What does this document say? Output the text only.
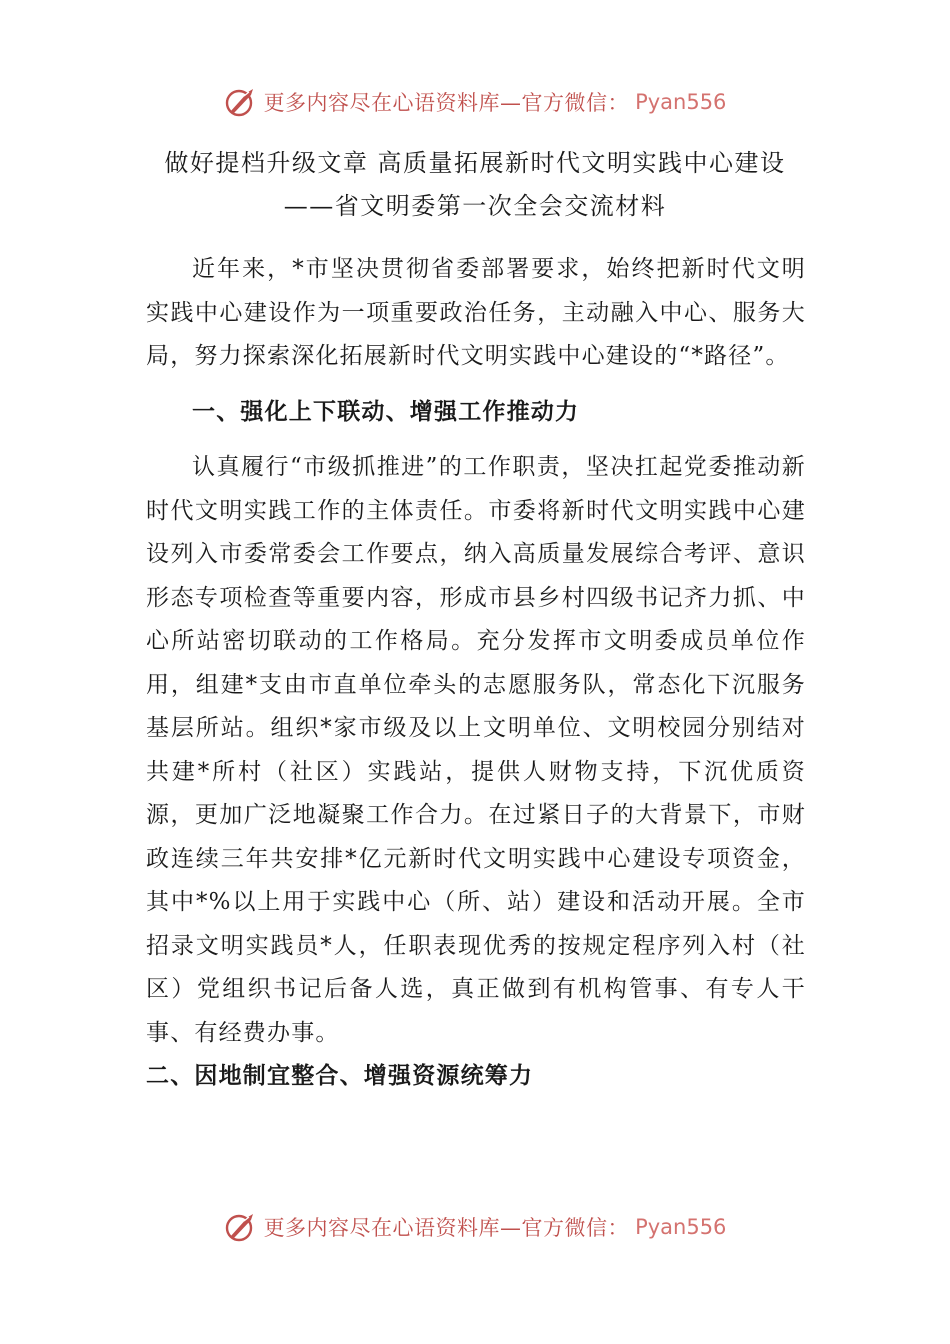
更多内容尽在心语资料库—官方微信： Pyan556
做好提档升级文章 高质量拓展新时代文明实践中心建设
——省文明委第一次全会交流材料

近年来，*市坚决贯彻省委部署要求，始终把新时代文明实践中心建设作为一项重要政治任务，主动融入中心、服务大局，努力探索深化拓展新时代文明实践中心建设的“*路径”。

一、强化上下联动、增强工作推动力

认真履行“市级抓推进”的工作职责，坚决扛起党委推动新时代文明实践工作的主体责任。市委将新时代文明实践中心建设列入市委常委会工作要点，纳入高质量发展综合考评、意识形态专项检查等重要内容，形成市县乡村四级书记齐力抓、中心所站密切联动的工作格局。充分发挥市文明委成员单位作用，组建*支由市直单位牵头的志愿服务队，常态化下沉服务基层所站。组织*家市级及以上文明单位、文明校园分别结对共建*所村（社区）实践站，提供人财物支持，下沉优质资源，更加广泛地凝聚工作合力。在过紧日子的大背景下，市财政连续三年共安排*亿元新时代文明实践中心建设专项资金，其中*%以上用于实践中心（所、站）建设和活动开展。全市招录文明实践员*人，任职表现优秀的按规定程序列入村（社区）党组织书记后备人选，真正做到有机构管事、有专人干事、有经费办事。

二、因地制宜整合、增强资源统筹力

更多内容尽在心语资料库—官方微信： Pyan556
